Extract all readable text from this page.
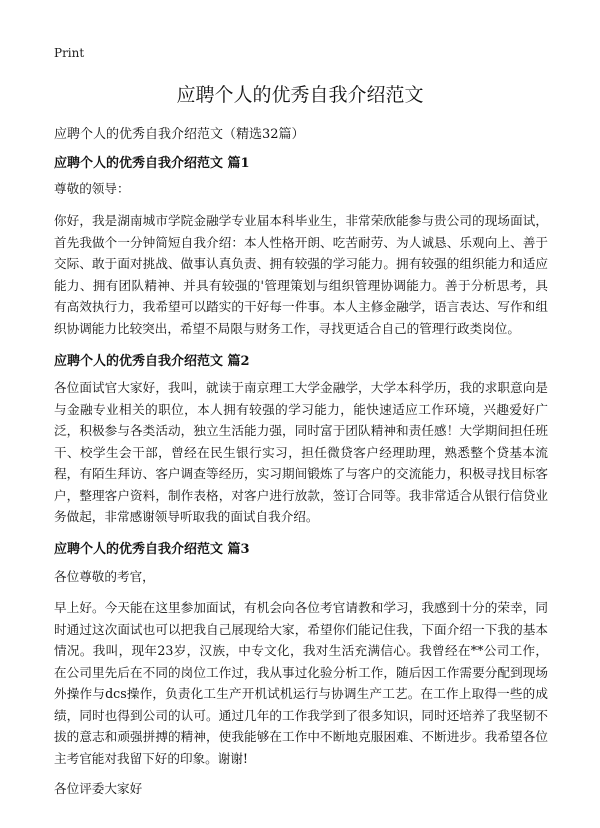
Print
应聘个人的优秀自我介绍范文

应聘个人的优秀自我介绍范文（精选32篇）

应聘个人的优秀自我介绍范文 篇1

尊敬的领导：

你好，我是湖南城市学院金融学专业届本科毕业生，非常荣欣能参与贵公司的现场面试，首先我做个一分钟简短自我介绍：本人性格开朗、吃苦耐劳、为人诚恳、乐观向上、善于交际、敢于面对挑战、做事认真负责、拥有较强的学习能力。拥有较强的组织能力和适应能力、拥有团队精神、并具有较强的'管理策划与组织管理协调能力。善于分析思考，具有高效执行力，我希望可以踏实的干好每一件事。本人主修金融学，语言表达、写作和组织协调能力比较突出，希望不局限与财务工作，寻找更适合自己的管理行政类岗位。

应聘个人的优秀自我介绍范文 篇2

各位面试官大家好，我叫，就读于南京理工大学金融学，大学本科学历，我的求职意向是与金融专业相关的职位，本人拥有较强的学习能力，能快速适应工作环境，兴趣爱好广泛，积极参与各类活动，独立生活能力强，同时富于团队精神和责任感！大学期间担任班干、校学生会干部，曾经在民生银行实习，担任微贷客户经理助理，熟悉整个贷基本流程，有陌生拜访、客户调查等经历，实习期间锻炼了与客户的交流能力，积极寻找目标客户，整理客户资料，制作表格，对客户进行放款，签订合同等。我非常适合从银行信贷业务做起，非常感谢领导听取我的面试自我介绍。

应聘个人的优秀自我介绍范文 篇3

各位尊敬的考官，

早上好。今天能在这里参加面试，有机会向各位考官请教和学习，我感到十分的荣幸，同时通过这次面试也可以把我自己展现给大家，希望你们能记住我，下面介绍一下我的基本情况。我叫，现年23岁，汉族，中专文化，我对生活充满信心。我曾经在**公司工作，在公司里先后在不同的岗位工作过，我从事过化验分析工作，随后因工作需要分配到现场外操作与dcs操作，负责化工生产开机试机运行与协调生产工艺。在工作上取得一些的成绩，同时也得到公司的认可。通过几年的工作我学到了很多知识，同时还培养了我坚韧不拔的意志和顽强拼搏的精神，使我能够在工作中不断地克服困难、不断进步。我希望各位主考官能对我留下好的印象。谢谢!

各位评委大家好
